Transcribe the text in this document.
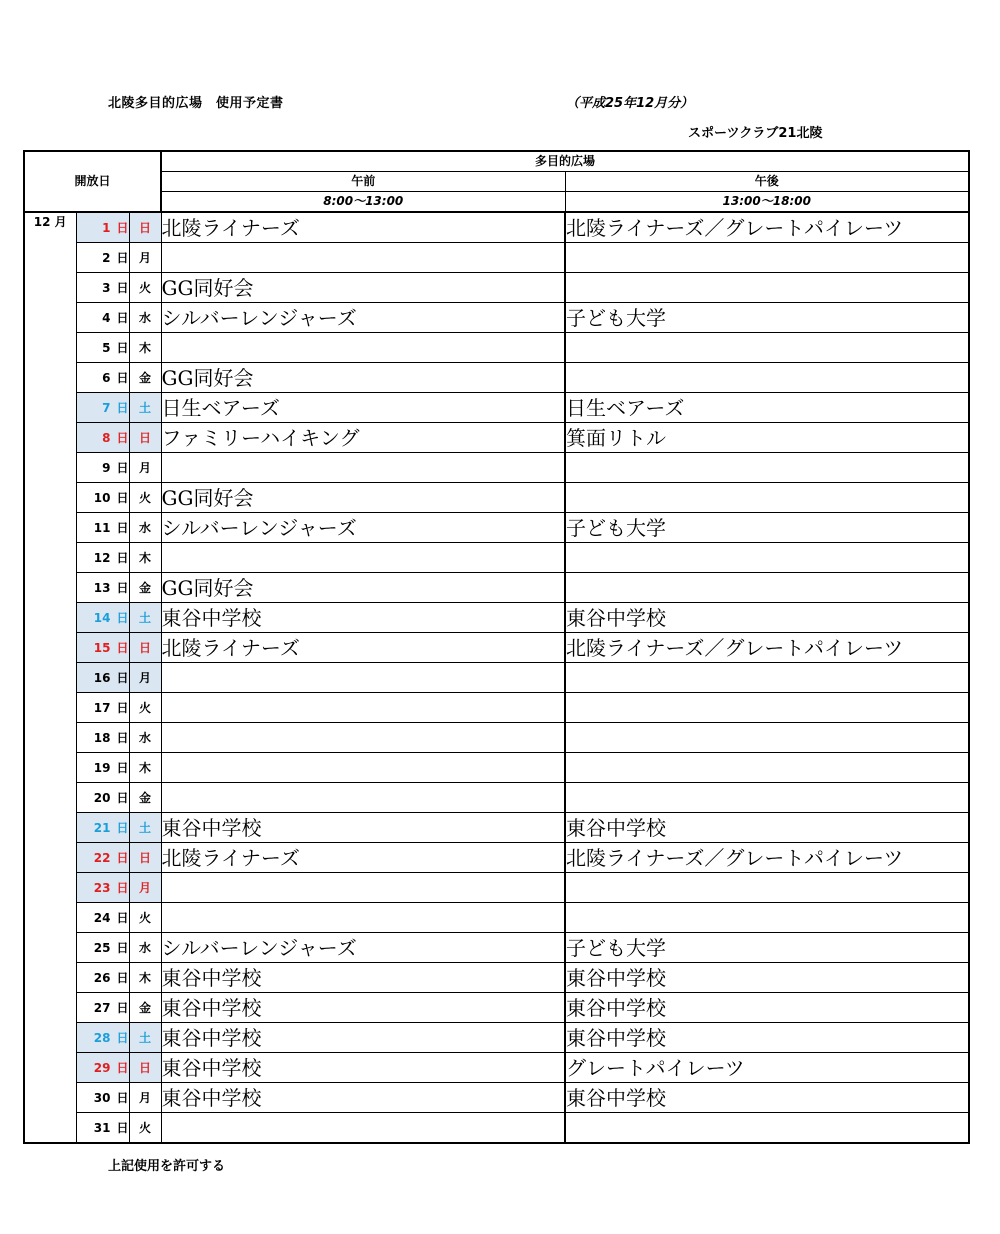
北陵多目的広場　使用予定書	（平成25年12月分）
スポーツクラブ21北陵
開放日			多目的広場	
			午前	午後
			8:00～13:00	13:00～18:00
12 月	1 日	日	北陵ライナーズ	北陵ライナーズ／グレートパイレーツ
	2 日	月		
	3 日	火	GG同好会	
	4 日	水	シルバーレンジャーズ	子ども大学
	5 日	木		
	6 日	金	GG同好会	
	7 日	土	日生ベアーズ	日生ベアーズ
	8 日	日	ファミリーハイキング	箕面リトル
	9 日	月		
	10 日	火	GG同好会	
	11 日	水	シルバーレンジャーズ	子ども大学
	12 日	木		
	13 日	金	GG同好会	
	14 日	土	東谷中学校	東谷中学校
	15 日	日	北陵ライナーズ	北陵ライナーズ／グレートパイレーツ
	16 日	月		
	17 日	火		
	18 日	水		
	19 日	木		
	20 日	金		
	21 日	土	東谷中学校	東谷中学校
	22 日	日	北陵ライナーズ	北陵ライナーズ／グレートパイレーツ
	23 日	月		
	24 日	火		
	25 日	水	シルバーレンジャーズ	子ども大学
	26 日	木	東谷中学校	東谷中学校
	27 日	金	東谷中学校	東谷中学校
	28 日	土	東谷中学校	東谷中学校
	29 日	日	東谷中学校	グレートパイレーツ
	30 日	月	東谷中学校	東谷中学校
	31 日	火		
上記使用を許可する
